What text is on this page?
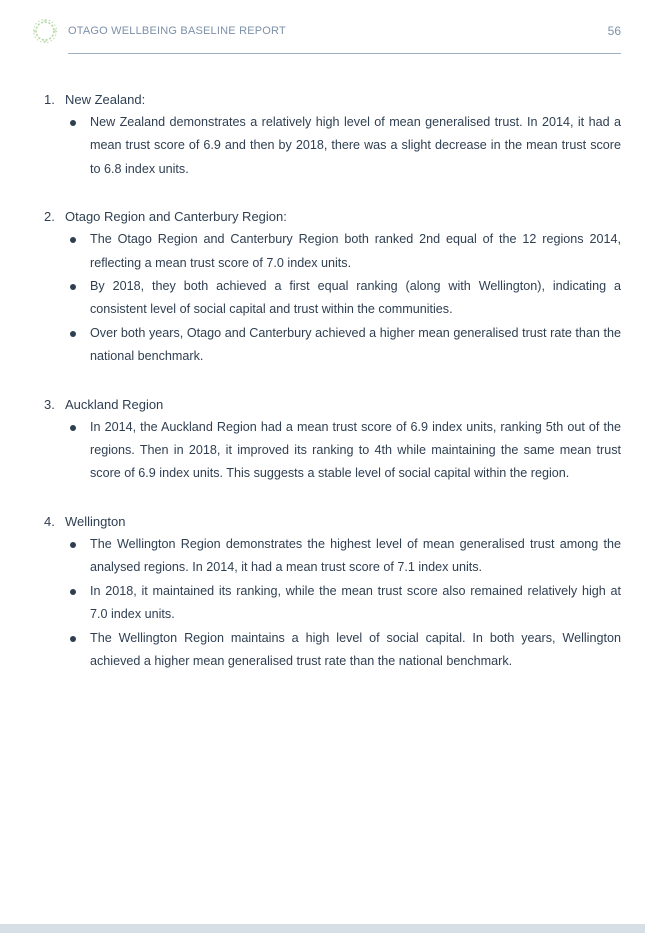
OTAGO WELLBEING BASELINE REPORT	56
1. New Zealand:
New Zealand demonstrates a relatively high level of mean generalised trust. In 2014, it had a mean trust score of 6.9 and then by 2018, there was a slight decrease in the mean trust score to 6.8 index units.
2. Otago Region and Canterbury Region:
The Otago Region and Canterbury Region both ranked 2nd equal of the 12 regions 2014, reflecting a mean trust score of 7.0 index units.
By 2018, they both achieved a first equal ranking (along with Wellington), indicating a consistent level of social capital and trust within the communities.
Over both years, Otago and Canterbury achieved a higher mean generalised trust rate than the national benchmark.
3. Auckland Region
In 2014, the Auckland Region had a mean trust score of 6.9 index units, ranking 5th out of the regions. Then in 2018, it improved its ranking to 4th while maintaining the same mean trust score of 6.9 index units. This suggests a stable level of social capital within the region.
4. Wellington
The Wellington Region demonstrates the highest level of mean generalised trust among the analysed regions. In 2014, it had a mean trust score of 7.1 index units.
In 2018, it maintained its ranking, while the mean trust score also remained relatively high at 7.0 index units.
The Wellington Region maintains a high level of social capital. In both years, Wellington achieved a higher mean generalised trust rate than the national benchmark.
